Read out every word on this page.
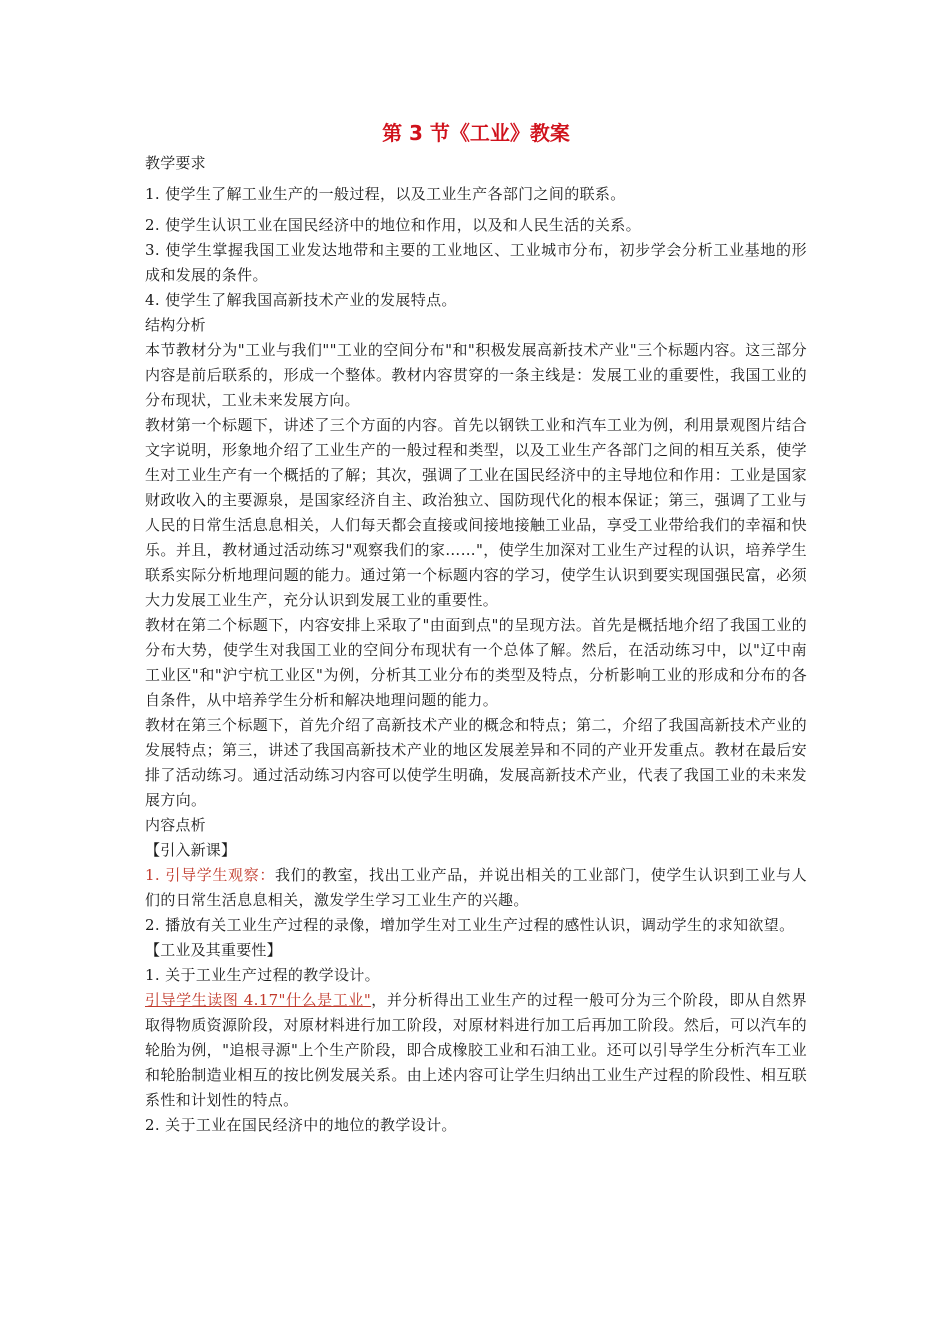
第 3 节《工业》教案

教学要求

1. 使学生了解工业生产的一般过程，以及工业生产各部门之间的联系。

2. 使学生认识工业在国民经济中的地位和作用，以及和人民生活的关系。

3. 使学生掌握我国工业发达地带和主要的工业地区、工业城市分布，初步学会分析工业基地的形成和发展的条件。

4. 使学生了解我国高新技术产业的发展特点。

结构分析

本节教材分为"工业与我们""工业的空间分布"和"积极发展高新技术产业"三个标题内容。这三部分内容是前后联系的，形成一个整体。教材内容贯穿的一条主线是：发展工业的重要性，我国工业的分布现状，工业未来发展方向。

教材第一个标题下，讲述了三个方面的内容。首先以钢铁工业和汽车工业为例，利用景观图片结合文字说明，形象地介绍了工业生产的一般过程和类型，以及工业生产各部门之间的相互关系，使学生对工业生产有一个概括的了解；其次，强调了工业在国民经济中的主导地位和作用：工业是国家财政收入的主要源泉，是国家经济自主、政治独立、国防现代化的根本保证；第三，强调了工业与人民的日常生活息息相关，人们每天都会直接或间接地接触工业品，享受工业带给我们的幸福和快乐。并且，教材通过活动练习"观察我们的家……"，使学生加深对工业生产过程的认识，培养学生联系实际分析地理问题的能力。通过第一个标题内容的学习，使学生认识到要实现国强民富，必须大力发展工业生产，充分认识到发展工业的重要性。

教材在第二个标题下，内容安排上采取了"由面到点"的呈现方法。首先是概括地介绍了我国工业的分布大势，使学生对我国工业的空间分布现状有一个总体了解。然后，在活动练习中，以"辽中南工业区"和"沪宁杭工业区"为例，分析其工业分布的类型及特点，分析影响工业的形成和分布的各自条件，从中培养学生分析和解决地理问题的能力。

教材在第三个标题下，首先介绍了高新技术产业的概念和特点；第二，介绍了我国高新技术产业的发展特点；第三，讲述了我国高新技术产业的地区发展差异和不同的产业开发重点。教材在最后安排了活动练习。通过活动练习内容可以使学生明确，发展高新技术产业，代表了我国工业的未来发展方向。

内容点析

【引入新课】

1. 引导学生观察：我们的教室，找出工业产品，并说出相关的工业部门，使学生认识到工业与人们的日常生活息息相关，激发学生学习工业生产的兴趣。

2. 播放有关工业生产过程的录像，增加学生对工业生产过程的感性认识，调动学生的求知欲望。

【工业及其重要性】

1. 关于工业生产过程的教学设计。

引导学生读图 4.17"什么是工业"，并分析得出工业生产的过程一般可分为三个阶段，即从自然界取得物质资源阶段，对原材料进行加工阶段，对原材料进行加工后再加工阶段。然后，可以汽车的轮胎为例，"追根寻源"上个生产阶段，即合成橡胶工业和石油工业。还可以引导学生分析汽车工业和轮胎制造业相互的按比例发展关系。由上述内容可让学生归纳出工业生产过程的阶段性、相互联系性和计划性的特点。

2. 关于工业在国民经济中的地位的教学设计。
